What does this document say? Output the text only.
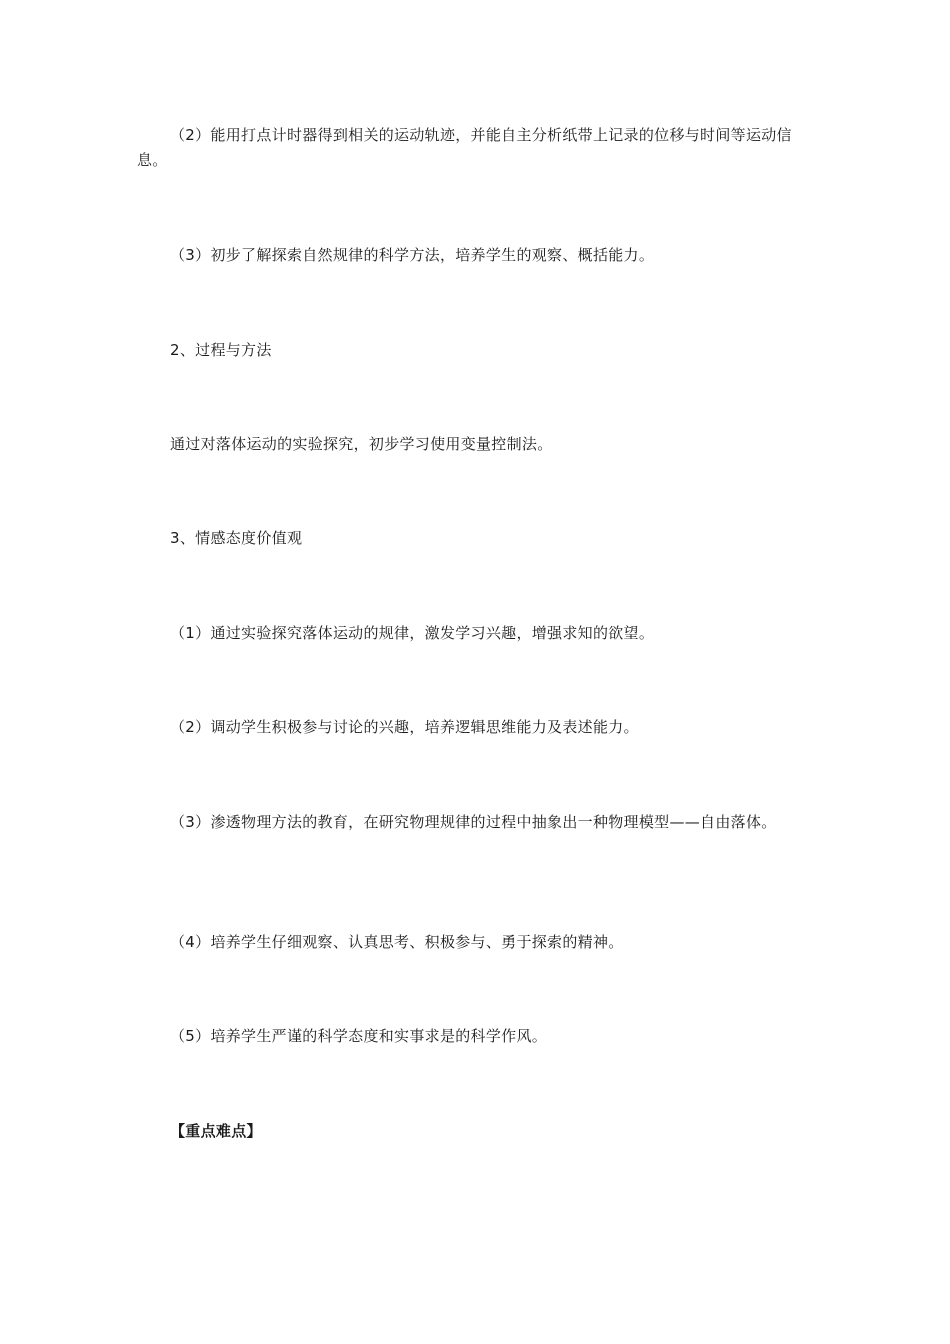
（2）能用打点计时器得到相关的运动轨迹，并能自主分析纸带上记录的位移与时间等运动信息。

（3）初步了解探索自然规律的科学方法，培养学生的观察、概括能力。

2、过程与方法

通过对落体运动的实验探究，初步学习使用变量控制法。

3、情感态度价值观

（1）通过实验探究落体运动的规律，激发学习兴趣，增强求知的欲望。

（2）调动学生积极参与讨论的兴趣，培养逻辑思维能力及表述能力。

（3）渗透物理方法的教育，在研究物理规律的过程中抽象出一种物理模型——自由落体。

（4）培养学生仔细观察、认真思考、积极参与、勇于探索的精神。

（5）培养学生严谨的科学态度和实事求是的科学作风。

【重点难点】
